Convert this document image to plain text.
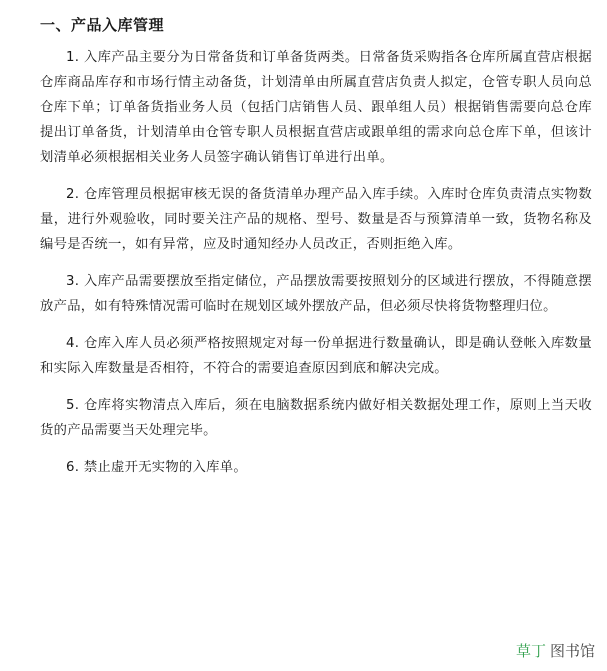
一、产品入库管理

1. 入库产品主要分为日常备货和订单备货两类。日常备货采购指各仓库所属直营店根据仓库商品库存和市场行情主动备货，计划清单由所属直营店负责人拟定，仓管专职人员向总仓库下单；订单备货指业务人员（包括门店销售人员、跟单组人员）根据销售需要向总仓库提出订单备货，计划清单由仓管专职人员根据直营店或跟单组的需求向总仓库下单，但该计划清单必须根据相关业务人员签字确认销售订单进行出单。

2. 仓库管理员根据审核无误的备货清单办理产品入库手续。入库时仓库负责清点实物数量，进行外观验收，同时要关注产品的规格、型号、数量是否与预算清单一致，货物名称及编号是否统一，如有异常，应及时通知经办人员改正，否则拒绝入库。

3. 入库产品需要摆放至指定储位，产品摆放需要按照划分的区域进行摆放，不得随意摆放产品，如有特殊情况需可临时在规划区域外摆放产品，但必须尽快将货物整理归位。

4. 仓库入库人员必须严格按照规定对每一份单据进行数量确认，即是确认登帐入库数量和实际入库数量是否相符，不符合的需要追查原因到底和解决完成。

5. 仓库将实物清点入库后，须在电脑数据系统内做好相关数据处理工作，原则上当天收货的产品需要当天处理完毕。

6. 禁止虚开无实物的入库单。

草丁 图书馆
